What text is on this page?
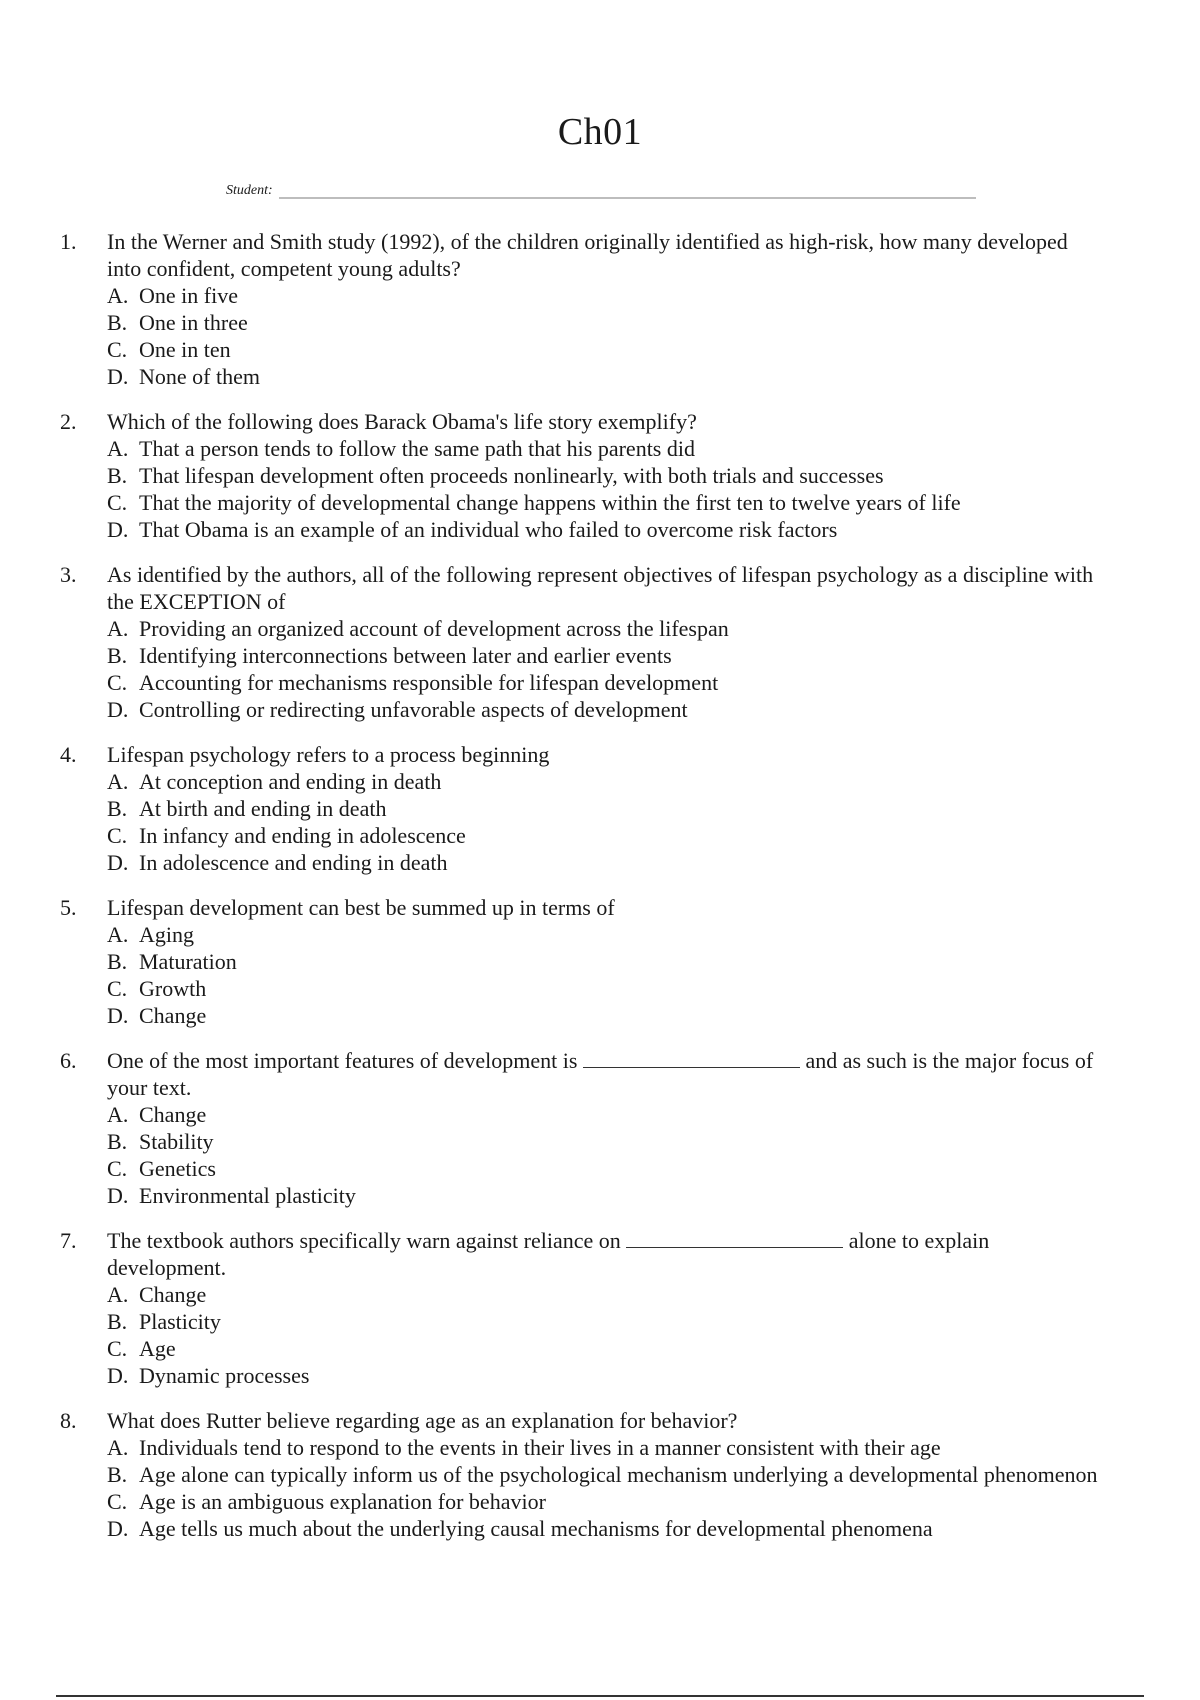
Ch01
Student:
1.	In the Werner and Smith study (1992), of the children originally identified as high-risk, how many developed into confident, competent young adults?
A. One in five
B. One in three
C. One in ten
D. None of them
2.	Which of the following does Barack Obama's life story exemplify?
A. That a person tends to follow the same path that his parents did
B. That lifespan development often proceeds nonlinearly, with both trials and successes
C. That the majority of developmental change happens within the first ten to twelve years of life
D. That Obama is an example of an individual who failed to overcome risk factors
3.	As identified by the authors, all of the following represent objectives of lifespan psychology as a discipline with the EXCEPTION of
A. Providing an organized account of development across the lifespan
B. Identifying interconnections between later and earlier events
C. Accounting for mechanisms responsible for lifespan development
D. Controlling or redirecting unfavorable aspects of development
4.	Lifespan psychology refers to a process beginning
A. At conception and ending in death
B. At birth and ending in death
C. In infancy and ending in adolescence
D. In adolescence and ending in death
5.	Lifespan development can best be summed up in terms of
A. Aging
B. Maturation
C. Growth
D. Change
6.	One of the most important features of development is	and as such is the major focus of your text.
A. Change
B. Stability
C. Genetics
D. Environmental plasticity
7.	The textbook authors specifically warn against reliance on	alone to explain development.
A. Change
B. Plasticity
C. Age
D. Dynamic processes
8.	What does Rutter believe regarding age as an explanation for behavior?
A. Individuals tend to respond to the events in their lives in a manner consistent with their age
B. Age alone can typically inform us of the psychological mechanism underlying a developmental phenomenon
C. Age is an ambiguous explanation for behavior
D. Age tells us much about the underlying causal mechanisms for developmental phenomena
